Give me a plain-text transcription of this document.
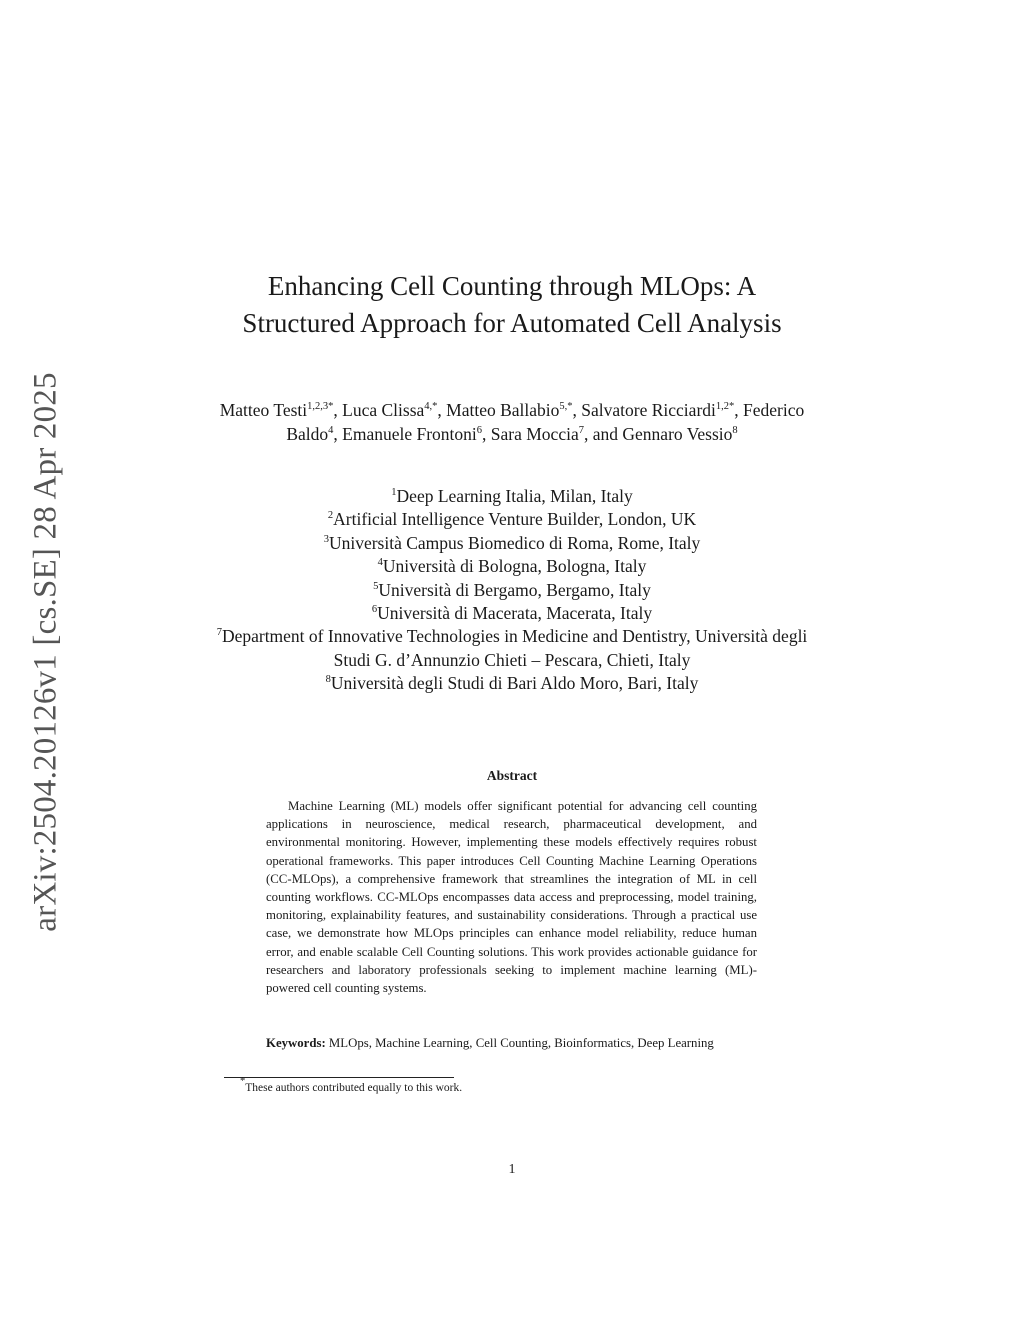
arXiv:2504.20126v1 [cs.SE] 28 Apr 2025
Enhancing Cell Counting through MLOps: A Structured Approach for Automated Cell Analysis
Matteo Testi$^{1,2,3*}$, Luca Clissa$^{4,*}$, Matteo Ballabio$^{5,*}$, Salvatore Ricciardi$^{1,2*}$, Federico Baldo$^4$, Emanuele Frontoni$^6$, Sara Moccia$^7$, and Gennaro Vessio$^8$
$^1$Deep Learning Italia, Milan, Italy
$^2$Artificial Intelligence Venture Builder, London, UK
$^3$Università Campus Biomedico di Roma, Rome, Italy
$^4$Università di Bologna, Bologna, Italy
$^5$Università di Bergamo, Bergamo, Italy
$^6$Università di Macerata, Macerata, Italy
$^7$Department of Innovative Technologies in Medicine and Dentistry, Università degli Studi G. d’Annunzio Chieti – Pescara, Chieti, Italy
$^8$Università degli Studi di Bari Aldo Moro, Bari, Italy
Abstract

Machine Learning (ML) models offer significant potential for advancing cell counting applications in neuroscience, medical research, pharmaceutical development, and environmental monitoring. However, implementing these models effectively requires robust operational frameworks. This paper introduces Cell Counting Machine Learning Operations (CC-MLOps), a comprehensive framework that streamlines the integration of ML in cell counting workflows. CC-MLOps encompasses data access and preprocessing, model training, monitoring, explainability features, and sustainability considerations. Through a practical use case, we demonstrate how MLOps principles can enhance model reliability, reduce human error, and enable scalable Cell Counting solutions. This work provides actionable guidance for researchers and laboratory professionals seeking to implement machine learning (ML)- powered cell counting systems.

Keywords: MLOps, Machine Learning, Cell Counting, Bioinformatics, Deep Learning

*These authors contributed equally to this work.

1
